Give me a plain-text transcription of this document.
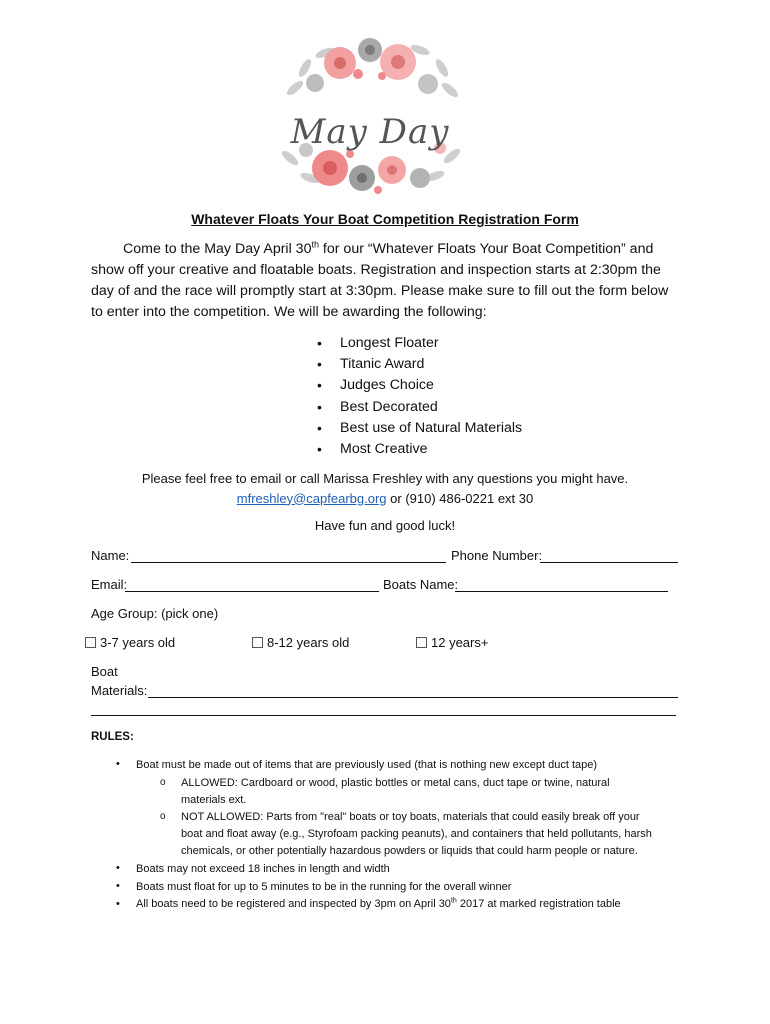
May Day
Whatever Floats Your Boat Competition Registration Form
Come to the May Day April 30th for our “Whatever Floats Your Boat Competition” and show off your creative and floatable boats. Registration and inspection starts at 2:30pm the day of and the race will promptly start at 3:30pm. Please make sure to fill out the form below to enter into the competition. We will be awarding the following:
• Longest Floater
• Titanic Award
• Judges Choice
• Best Decorated
• Best use of Natural Materials
• Most Creative
Please feel free to email or call Marissa Freshley with any questions you might have.
mfreshley@capfearbg.org or (910) 486-0221 ext 30
Have fun and good luck!
Name:	Phone Number:
Email:	Boats Name:
Age Group: (pick one)
3-7 years old	8-12 years old	12 years+
Boat
Materials:
RULES:
• Boat must be made out of items that are previously used (that is nothing new except duct tape)
o ALLOWED: Cardboard or wood, plastic bottles or metal cans, duct tape or twine, natural
materials ext.
o NOT ALLOWED: Parts from "real" boats or toy boats, materials that could easily break off your
boat and float away (e.g., Styrofoam packing peanuts), and containers that held pollutants, harsh
chemicals, or other potentially hazardous powders or liquids that could harm people or nature.
• Boats may not exceed 18 inches in length and width
• Boats must float for up to 5 minutes to be in the running for the overall winner
• All boats need to be registered and inspected by 3pm on April 30th 2017 at marked registration table
